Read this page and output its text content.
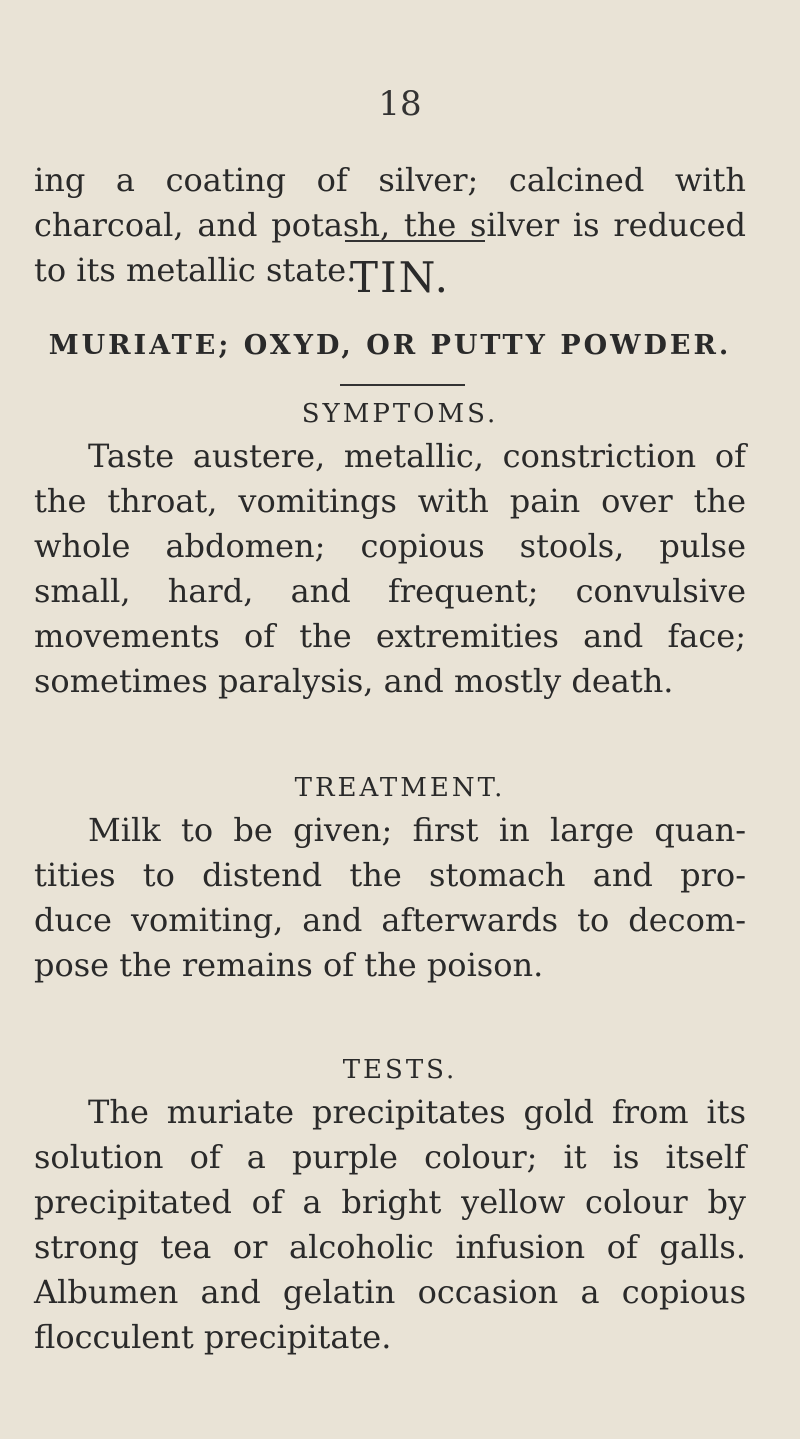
18
ing a coating of silver; calcined with
charcoal, and potash, the silver is reduced
to its metallic state.
TIN.
MURIATE; OXYD, OR PUTTY POWDER.
SYMPTOMS.
Taste austere, metallic, constriction of
the throat, vomitings with pain over the
whole abdomen; copious stools, pulse
small, hard, and frequent; convulsive
movements of the extremities and face;
sometimes paralysis, and mostly death.
TREATMENT.
Milk to be given; first in large quan-
tities to distend the stomach and pro-
duce vomiting, and afterwards to decom-
pose the remains of the poison.
TESTS.
The muriate precipitates gold from its
solution of a purple colour; it is itself
precipitated of a bright yellow colour by
strong tea or alcoholic infusion of galls.
Albumen and gelatin occasion a copious
flocculent precipitate.
